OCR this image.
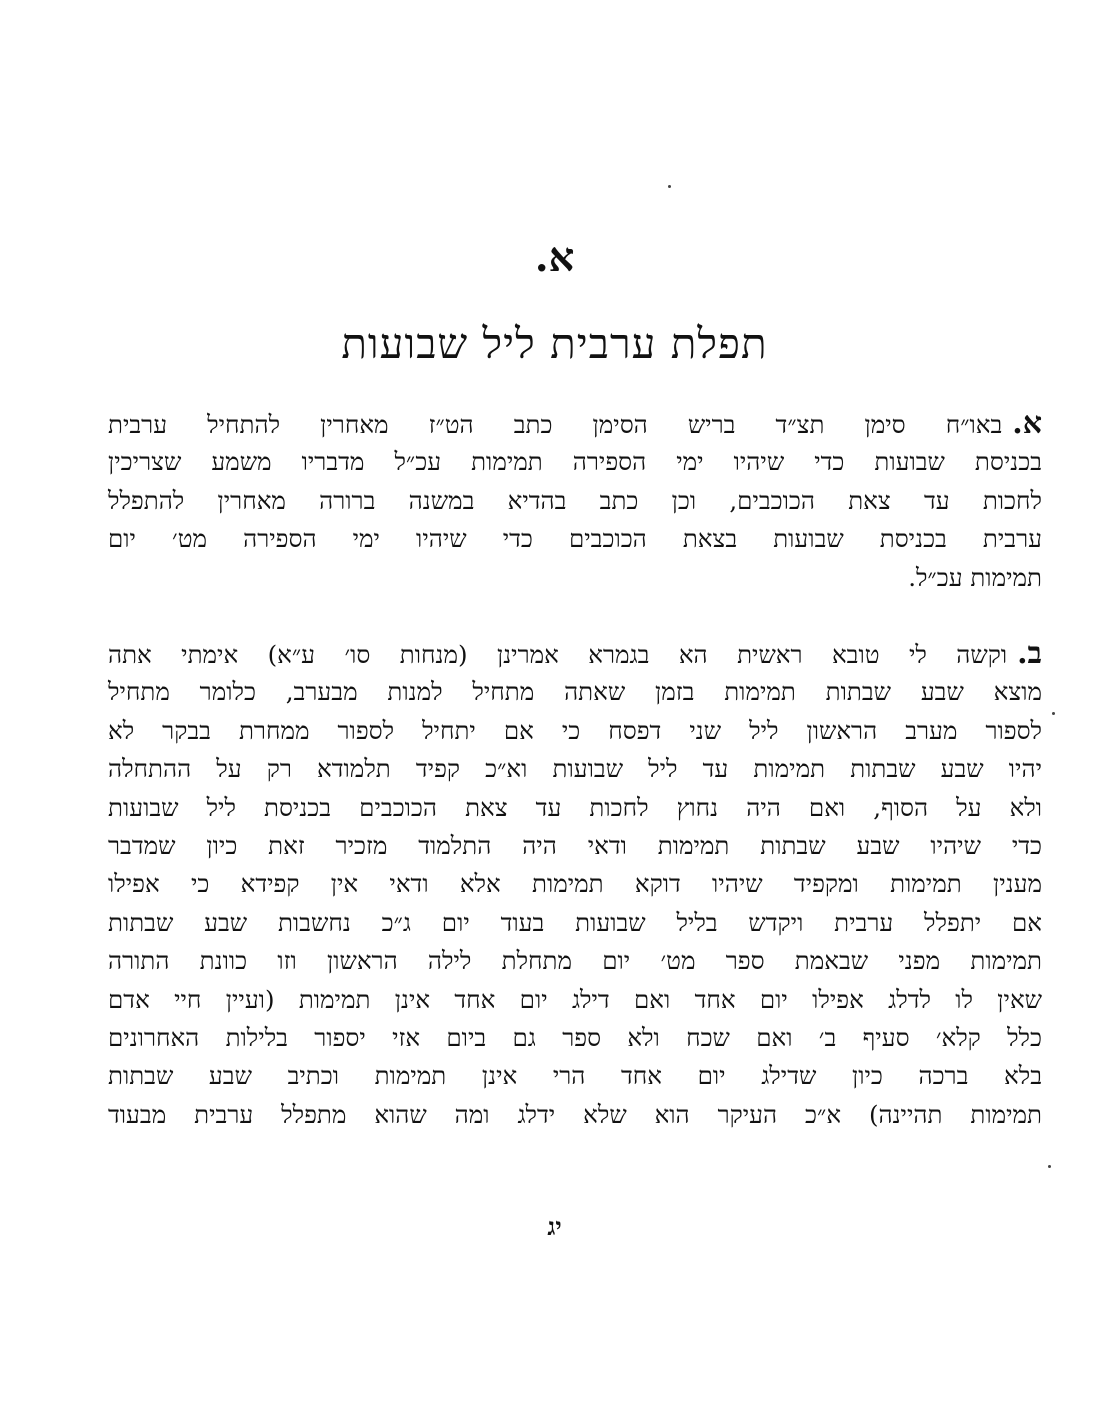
א.
תפלת ערבית ליל שבועות
א.באו״ח סימן תצ״ד בריש הסימן כתב הט״ז מאחרין להתחיל ערבית
בכניסת שבועות כדי שיהיו ימי הספירה תמימות עכ״ל מדבריו משמע שצריכין
לחכות עד צאת הכוכבים, וכן כתב בהדיא במשנה ברורה מאחרין להתפלל
ערבית בכניסת שבועות בצאת הכוכבים כדי שיהיו ימי הספירה מט׳ יום
תמימות עכ״ל.
ב.וקשה לי טובא ראשית הא בגמרא אמרינן (מנחות סו׳ ע״א) אימתי אתה
מוצא שבע שבתות תמימות בזמן שאתה מתחיל למנות מבערב, כלומר מתחיל
לספור מערב הראשון ליל שני דפסח כי אם יתחיל לספור ממחרת בבקר לא
יהיו שבע שבתות תמימות עד ליל שבועות וא״כ קפיד תלמודא רק על ההתחלה
ולא על הסוף, ואם היה נחוץ לחכות עד צאת הכוכבים בכניסת ליל שבועות
כדי שיהיו שבע שבתות תמימות ודאי היה התלמוד מזכיר זאת כיון שמדבר
מענין תמימות ומקפיד שיהיו דוקא תמימות אלא ודאי אין קפידא כי אפילו
אם יתפלל ערבית ויקדש בליל שבועות בעוד יום ג״כ נחשבות שבע שבתות
תמימות מפני שבאמת ספר מט׳ יום מתחלת לילה הראשון וזו כוונת התורה
שאין לו לדלג אפילו יום אחד ואם דילג יום אחד אינן תמימות (ועיין חיי אדם
כלל קלא׳ סעיף ב׳ ואם שכח ולא ספר גם ביום אזי יספור בלילות האחרונים
בלא ברכה כיון שדילג יום אחד הרי אינן תמימות וכתיב שבע שבתות
תמימות תהיינה) א״כ העיקר הוא שלא ידלג ומה שהוא מתפלל ערבית מבעוד
יג
